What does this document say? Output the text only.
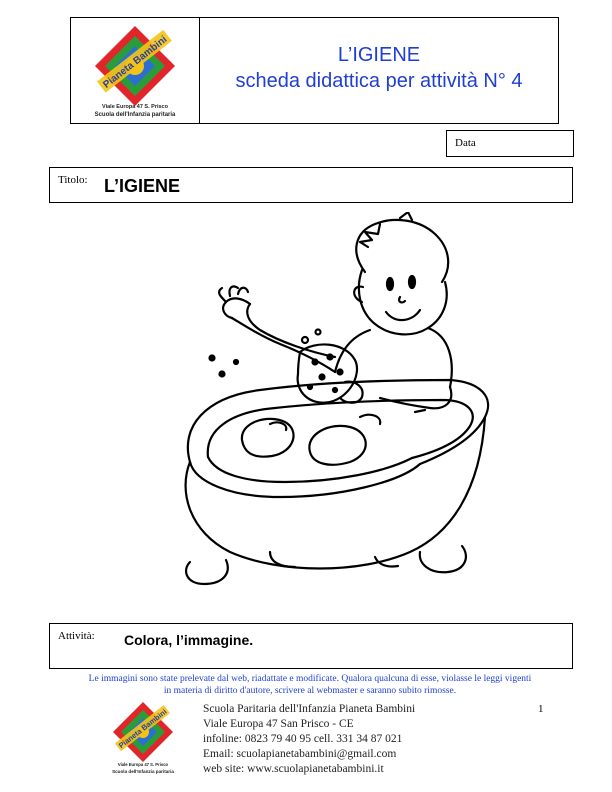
Pianeta Bambini
Viale Europa 47 S. Prisco
Scuola dell'Infanzia paritaria
L’IGIENE
scheda didattica per attività N° 4
Data
Titolo: L’IGIENE
Attività: Colora, l’immagine.
Le immagini sono state prelevate dal web, riadattate e modificate. Qualora qualcuna di esse, violasse le leggi vigenti
in materia di diritto d'autore, scrivere al webmaster e saranno subito rimosse.
1
Pianeta Bambini
Viale Europa 47 S. Prisco
Scuola dell'Infanzia paritaria
Scuola Paritaria dell'Infanzia Pianeta Bambini
Viale Europa 47 San Prisco - CE
infoline: 0823 79 40 95 cell. 331 34 87 021
Email: scuolapianetabambini@gmail.com
web site: www.scuolapianetabambini.it
